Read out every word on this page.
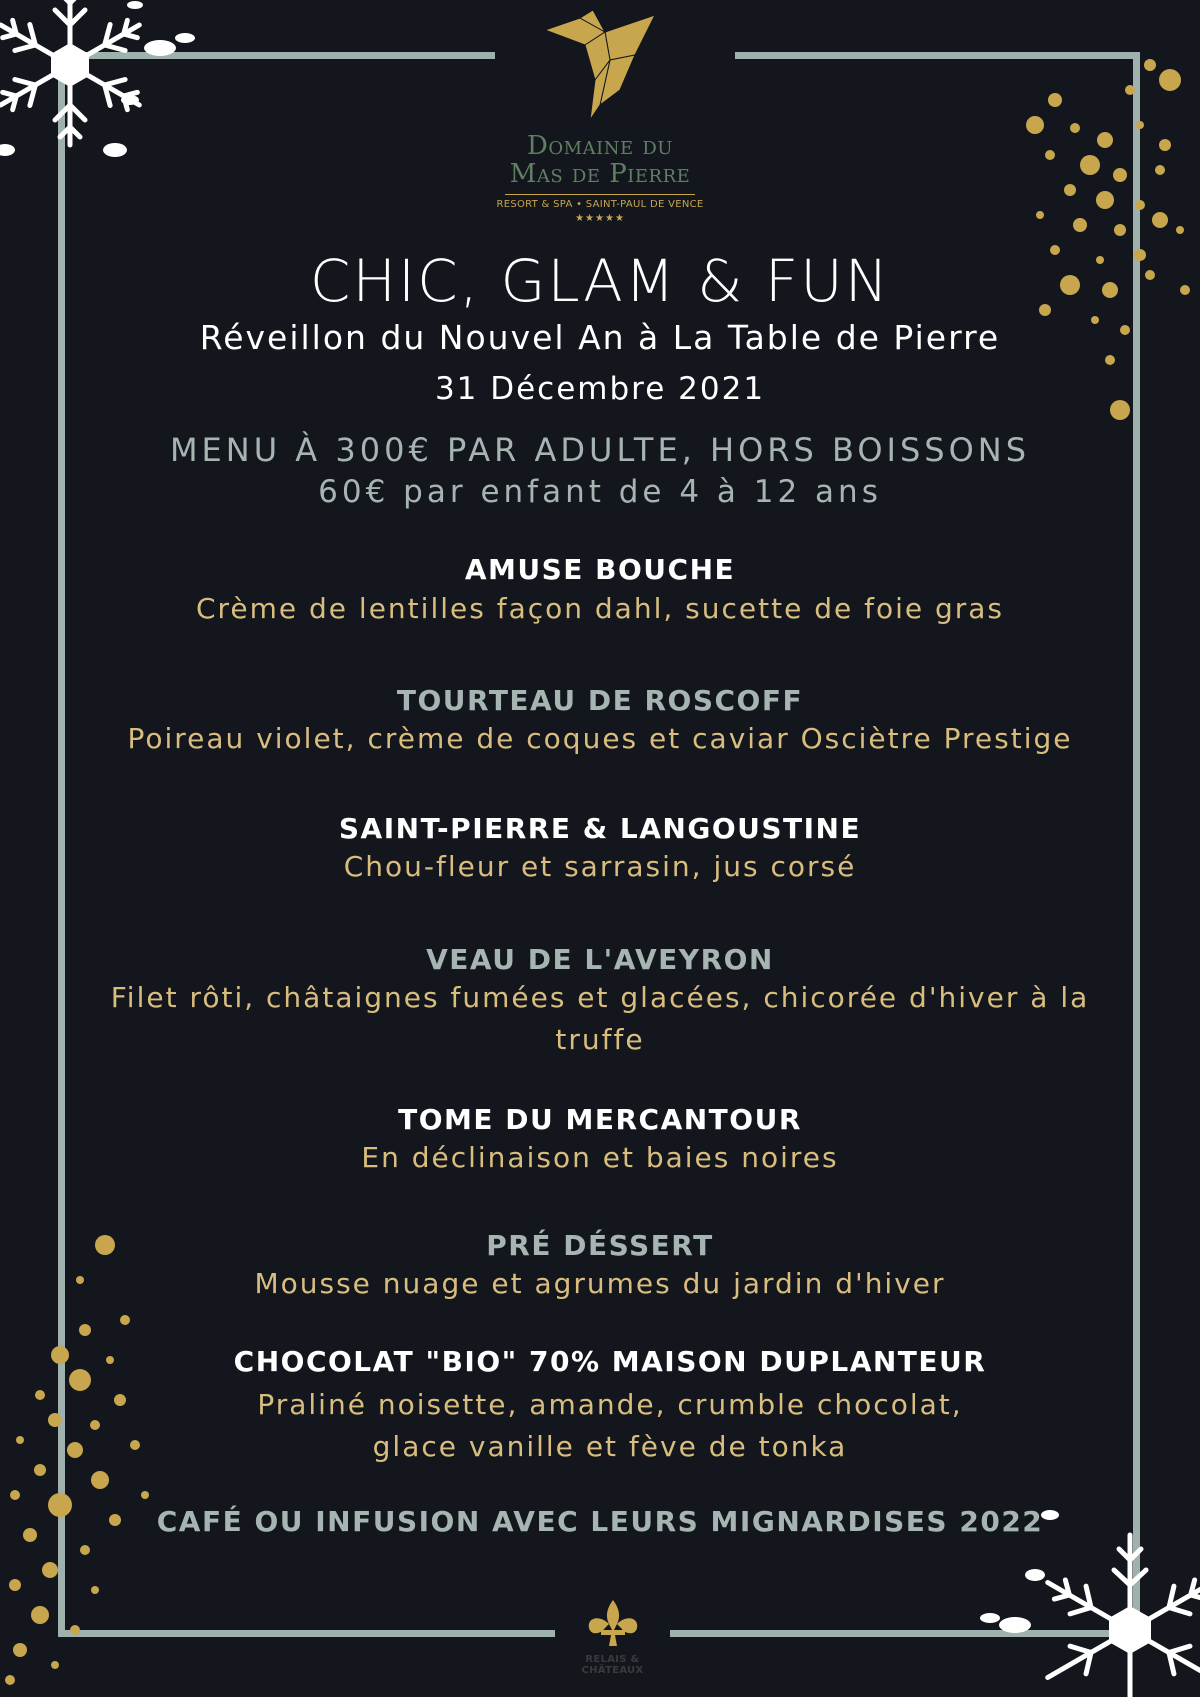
Domaine du
Mas de Pierre
RESORT & SPA • SAINT-PAUL DE VENCE
★★★★★
CHIC, GLAM & FUN
Réveillon du Nouvel An à La Table de Pierre
31 Décembre 2021
MENU À 300€ PAR ADULTE, HORS BOISSONS
60€ par enfant de 4 à 12 ans
AMUSE BOUCHE
Crème de lentilles façon dahl, sucette de foie gras
TOURTEAU DE ROSCOFF
Poireau violet, crème de coques et caviar Osciètre Prestige
SAINT-PIERRE & LANGOUSTINE
Chou-fleur et sarrasin, jus corsé
VEAU DE L'AVEYRON
Filet rôti, châtaignes fumées et glacées, chicorée d'hiver à la truffe
TOME DU MERCANTOUR
En déclinaison et baies noires
PRÉ DÉSSERT
Mousse nuage et agrumes du jardin d'hiver
CHOCOLAT "BIO" 70% MAISON DUPLANTEUR
Praliné noisette, amande, crumble chocolat, glace vanille et fève de tonka
CAFÉ OU INFUSION AVEC LEURS MIGNARDISES 2022
RELAIS &
CHÂTEAUX
